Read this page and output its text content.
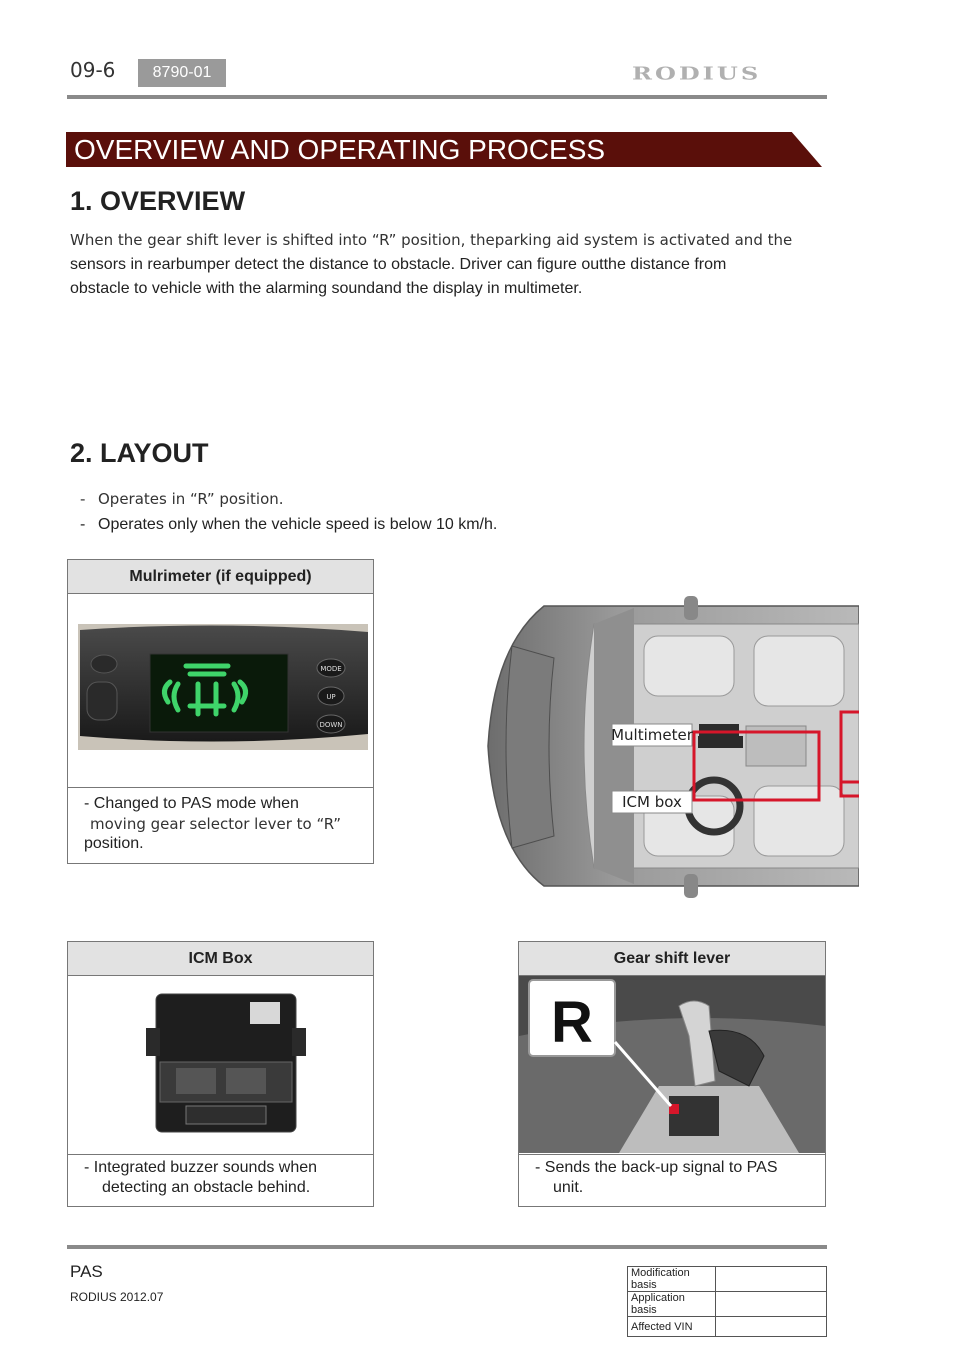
09-6	8790-01	RODIUS
OVERVIEW AND OPERATING PROCESS
1. OVERVIEW
When the gear shift lever is shifted into “R” position, theparking aid system is activated and the
sensors in rearbumper detect the distance to obstacle. Driver can figure outthe distance from
obstacle to vehicle with the alarming soundand the display in multimeter.
2. LAYOUT
- Operates in “R” position.
- Operates only when the vehicle speed is below 10 km/h.
Mulrimeter (if equipped)
MODE
UP
DOWN
- Changed to PAS mode when
moving gear selector lever to “R”
position.
Multimeter
ICM box
ICM Box
- Integrated buzzer sounds when
detecting an obstacle behind.
Gear shift lever
R
- Sends the back-up signal to PAS
unit.
PAS
RODIUS 2012.07
Modification basis	
Application basis	
Affected VIN	
